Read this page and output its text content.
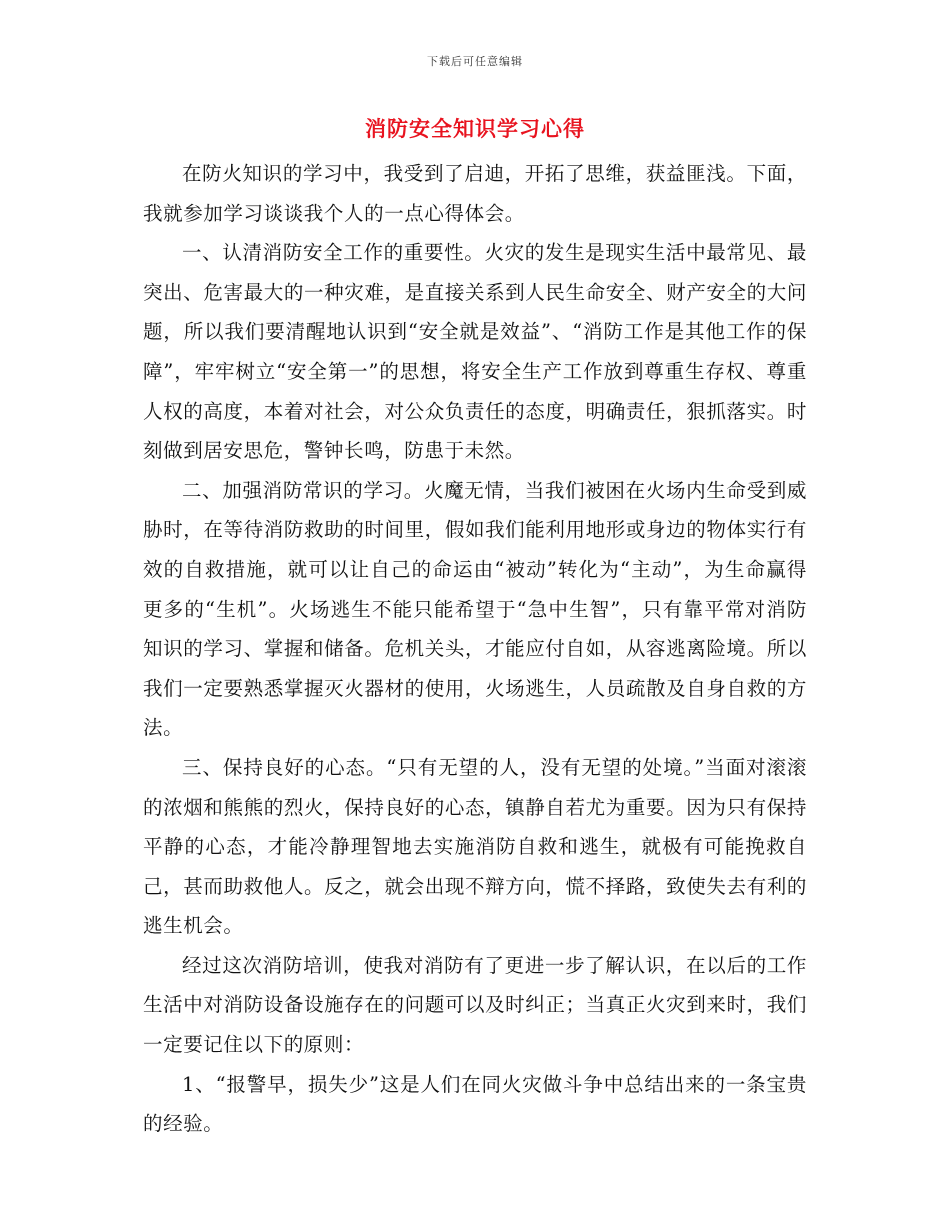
下载后可任意编辑
消防安全知识学习心得

在防火知识的学习中，我受到了启迪，开拓了思维，获益匪浅。下面，我就参加学习谈谈我个人的一点心得体会。

一、认清消防安全工作的重要性。火灾的发生是现实生活中最常见、最突出、危害最大的一种灾难，是直接关系到人民生命安全、财产安全的大问题，所以我们要清醒地认识到“安全就是效益”、“消防工作是其他工作的保障”，牢牢树立“安全第一”的思想，将安全生产工作放到尊重生存权、尊重人权的高度，本着对社会，对公众负责任的态度，明确责任，狠抓落实。时刻做到居安思危，警钟长鸣，防患于未然。

二、加强消防常识的学习。火魔无情，当我们被困在火场内生命受到威胁时，在等待消防救助的时间里，假如我们能利用地形或身边的物体实行有效的自救措施，就可以让自己的命运由“被动”转化为“主动”，为生命赢得更多的“生机”。火场逃生不能只能希望于“急中生智”，只有靠平常对消防知识的学习、掌握和储备。危机关头，才能应付自如，从容逃离险境。所以我们一定要熟悉掌握灭火器材的使用，火场逃生，人员疏散及自身自救的方法。

三、保持良好的心态。“只有无望的人，没有无望的处境。”当面对滚滚的浓烟和熊熊的烈火，保持良好的心态，镇静自若尤为重要。因为只有保持平静的心态，才能冷静理智地去实施消防自救和逃生，就极有可能挽救自己，甚而助救他人。反之，就会出现不辩方向，慌不择路，致使失去有利的逃生机会。

经过这次消防培训，使我对消防有了更进一步了解认识，在以后的工作生活中对消防设备设施存在的问题可以及时纠正；当真正火灾到来时，我们一定要记住以下的原则：

1、“报警早，损失少”这是人们在同火灾做斗争中总结出来的一条宝贵的经验。
